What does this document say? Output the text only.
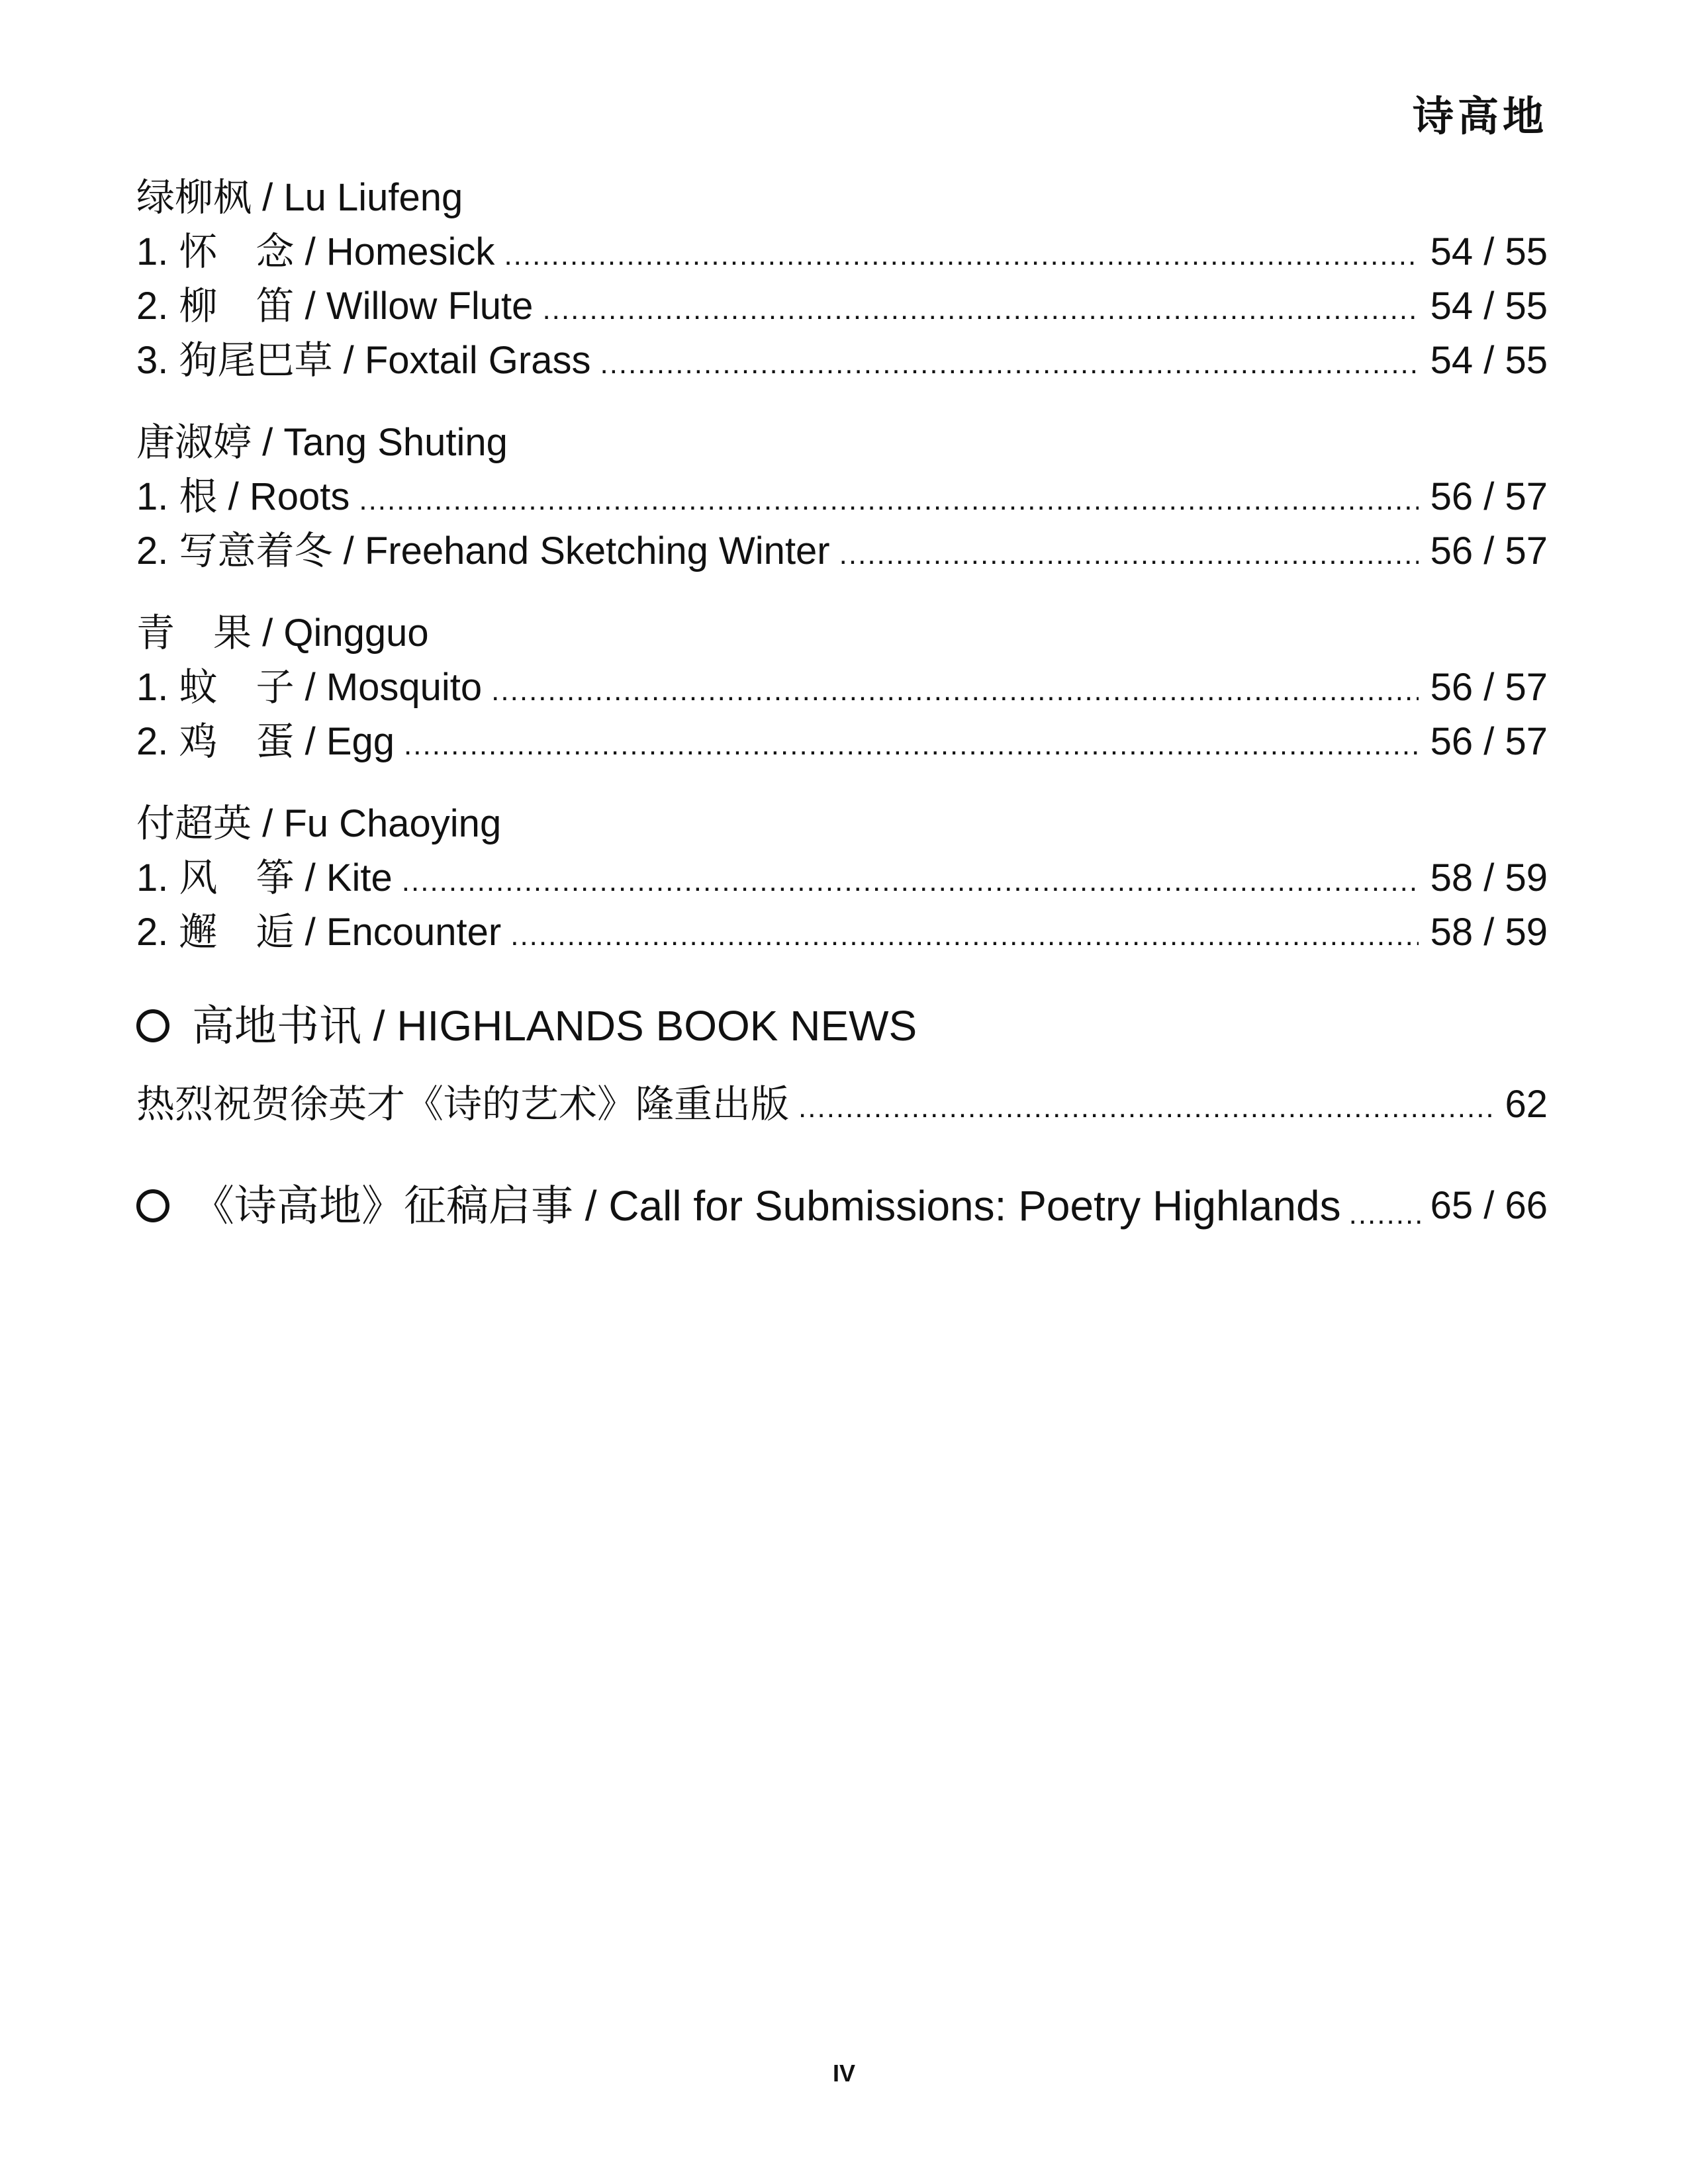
诗高地
绿柳枫 / Lu Liufeng
1. 怀　念 / Homesick .....	54 / 55
2. 柳　笛 / Willow Flute .....	54 / 55
3. 狗尾巴草 / Foxtail Grass .....	54 / 55
唐淑婷 / Tang Shuting
1. 根 / Roots .....	56 / 57
2. 写意着冬 / Freehand Sketching Winter .....	56 / 57
青　果 / Qingguo
1. 蚊　子 / Mosquito .....	56 / 57
2. 鸡　蛋 / Egg .....	56 / 57
付超英 / Fu Chaoying
1. 风　筝 / Kite .....	58 / 59
2. 邂　逅 / Encounter .....	58 / 59
高地书讯 / HIGHLANDS BOOK NEWS
热烈祝贺徐英才《诗的艺术》隆重出版 .....	62
《诗高地》征稿启事 / Call for Submissions: Poetry Highlands ..... 65 / 66
IV
